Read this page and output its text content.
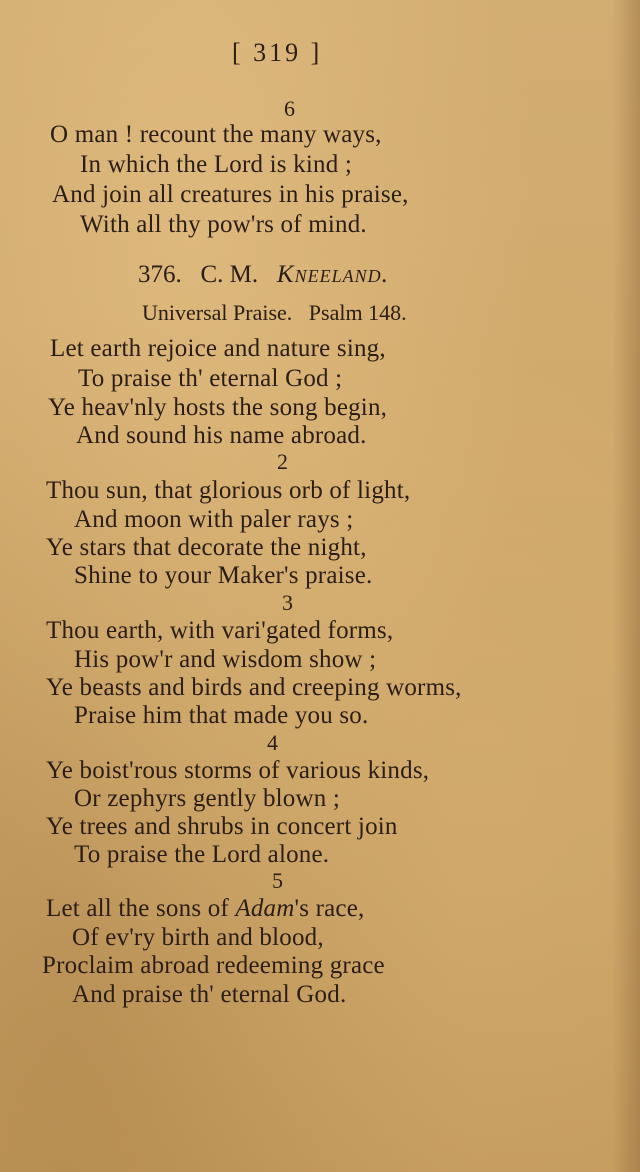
[ 319 ]
6
O man ! recount the many ways,
In which the Lord is kind ;
And join all creatures in his praise,
With all thy pow'rs of mind.
376. C. M. Kneeland.
Universal Praise. Psalm 148.
Let earth rejoice and nature sing,
To praise th' eternal God ;
Ye heav'nly hosts the song begin,
And sound his name abroad.
2
Thou sun, that glorious orb of light,
And moon with paler rays ;
Ye stars that decorate the night,
Shine to your Maker's praise.
3
Thou earth, with vari'gated forms,
His pow'r and wisdom show ;
Ye beasts and birds and creeping worms,
Praise him that made you so.
4
Ye boist'rous storms of various kinds,
Or zephyrs gently blown ;
Ye trees and shrubs in concert join
To praise the Lord alone.
5
Let all the sons of Adam's race,
Of ev'ry birth and blood,
Proclaim abroad redeeming grace
And praise th' eternal God.
